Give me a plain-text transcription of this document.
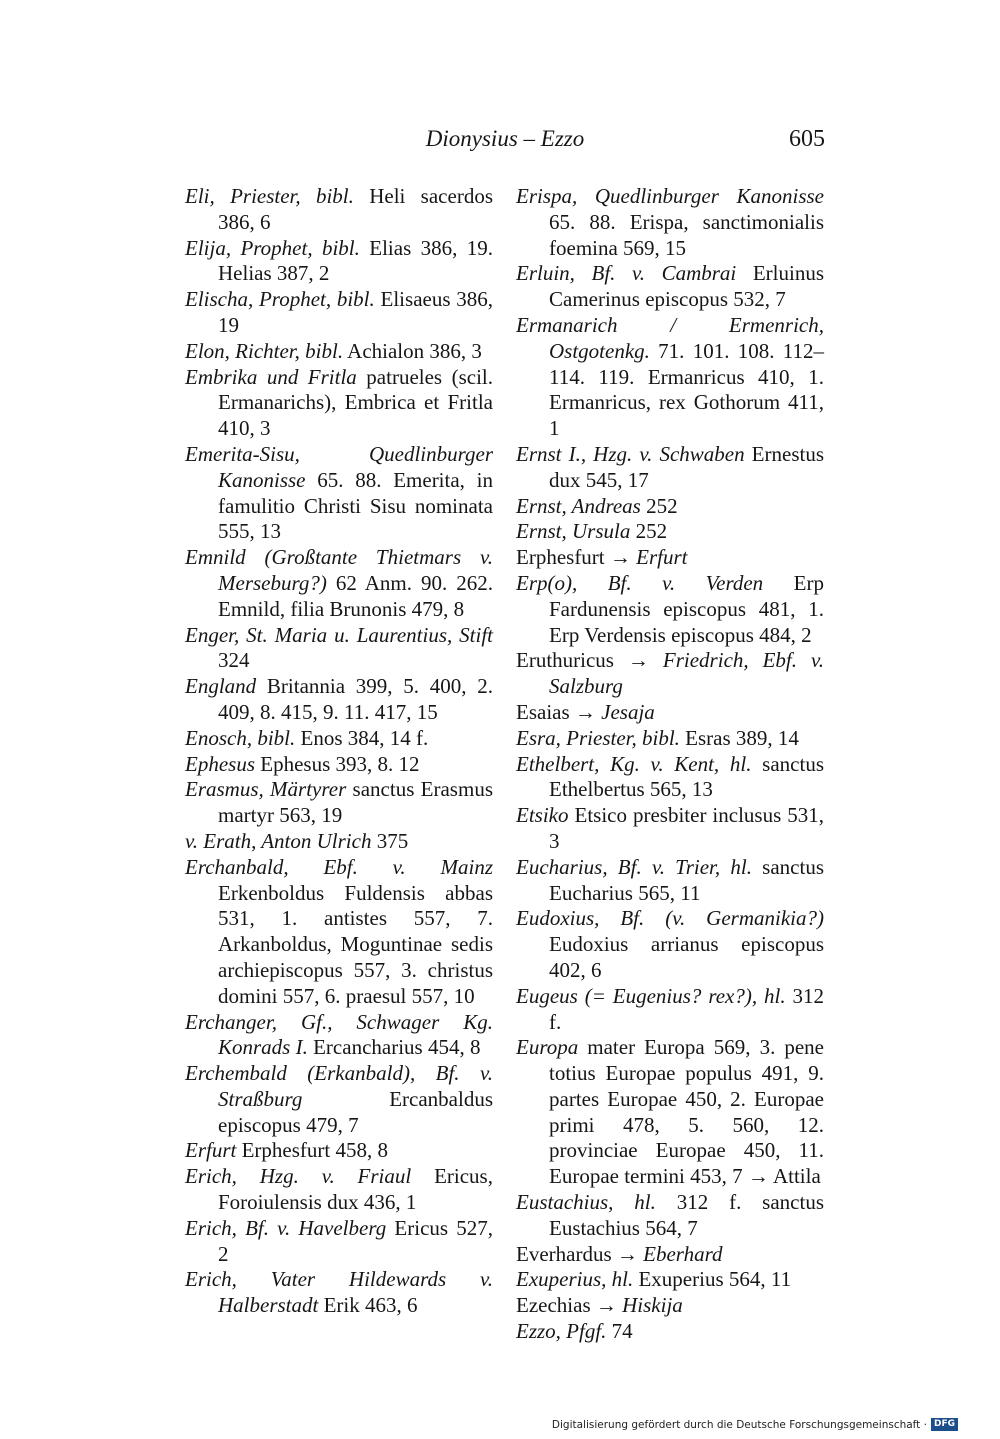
Dionysius – Ezzo	605

Eli, Priester, bibl. Heli sacerdos 386, 6

Elija, Prophet, bibl. Elias 386, 19. Helias 387, 2

Elischa, Prophet, bibl. Elisaeus 386, 19

Elon, Richter, bibl. Achialon 386, 3

Embrika und Fritla patrueles (scil. Ermanarichs), Embrica et Fritla 410, 3

Emerita-Sisu, Quedlinburger Kanonisse 65. 88. Emerita, in famulitio Christi Sisu nominata 555, 13

Emnild (Großtante Thietmars v. Merseburg?) 62 Anm. 90. 262. Emnild, filia Brunonis 479, 8

Enger, St. Maria u. Laurentius, Stift 324

England Britannia 399, 5. 400, 2. 409, 8. 415, 9. 11. 417, 15

Enosch, bibl. Enos 384, 14 f.

Ephesus Ephesus 393, 8. 12

Erasmus, Märtyrer sanctus Erasmus martyr 563, 19

v. Erath, Anton Ulrich 375

Erchanbald, Ebf. v. Mainz Erkenboldus Fuldensis abbas 531, 1. antistes 557, 7. Arkanboldus, Moguntinae sedis archiepiscopus 557, 3. christus domini 557, 6. praesul 557, 10

Erchanger, Gf., Schwager Kg. Konrads I. Ercancharius 454, 8

Erchembald (Erkanbald), Bf. v. Straßburg Ercanbaldus episcopus 479, 7

Erfurt Erphesfurt 458, 8

Erich, Hzg. v. Friaul Ericus, Foroiulensis dux 436, 1

Erich, Bf. v. Havelberg Ericus 527, 2

Erich, Vater Hildewards v. Halberstadt Erik 463, 6

Erispa, Quedlinburger Kanonisse 65. 88. Erispa, sanctimonialis foemina 569, 15

Erluin, Bf. v. Cambrai Erluinus Camerinus episcopus 532, 7

Ermanarich / Ermenrich, Ostgotenkg. 71. 101. 108. 112–114. 119. Ermanricus 410, 1. Ermanricus, rex Gothorum 411, 1

Ernst I., Hzg. v. Schwaben Ernestus dux 545, 17

Ernst, Andreas 252

Ernst, Ursula 252

Erphesfurt → Erfurt

Erp(o), Bf. v. Verden Erp Fardunensis episcopus 481, 1. Erp Verdensis episcopus 484, 2

Eruthuricus → Friedrich, Ebf. v. Salzburg

Esaias → Jesaja

Esra, Priester, bibl. Esras 389, 14

Ethelbert, Kg. v. Kent, hl. sanctus Ethelbertus 565, 13

Etsiko Etsico presbiter inclusus 531, 3

Eucharius, Bf. v. Trier, hl. sanctus Eucharius 565, 11

Eudoxius, Bf. (v. Germanikia?) Eudoxius arrianus episcopus 402, 6

Eugeus (= Eugenius? rex?), hl. 312 f.

Europa mater Europa 569, 3. pene totius Europae populus 491, 9. partes Europae 450, 2. Europae primi 478, 5. 560, 12. provinciae Europae 450, 11. Europae termini 453, 7 → Attila

Eustachius, hl. 312 f. sanctus Eustachius 564, 7

Everhardus → Eberhard

Exuperius, hl. Exuperius 564, 11

Ezechias → Hiskija

Ezzo, Pfgf. 74

Digitalisierung gefördert durch die Deutsche Forschungsgemeinschaft · DFG
